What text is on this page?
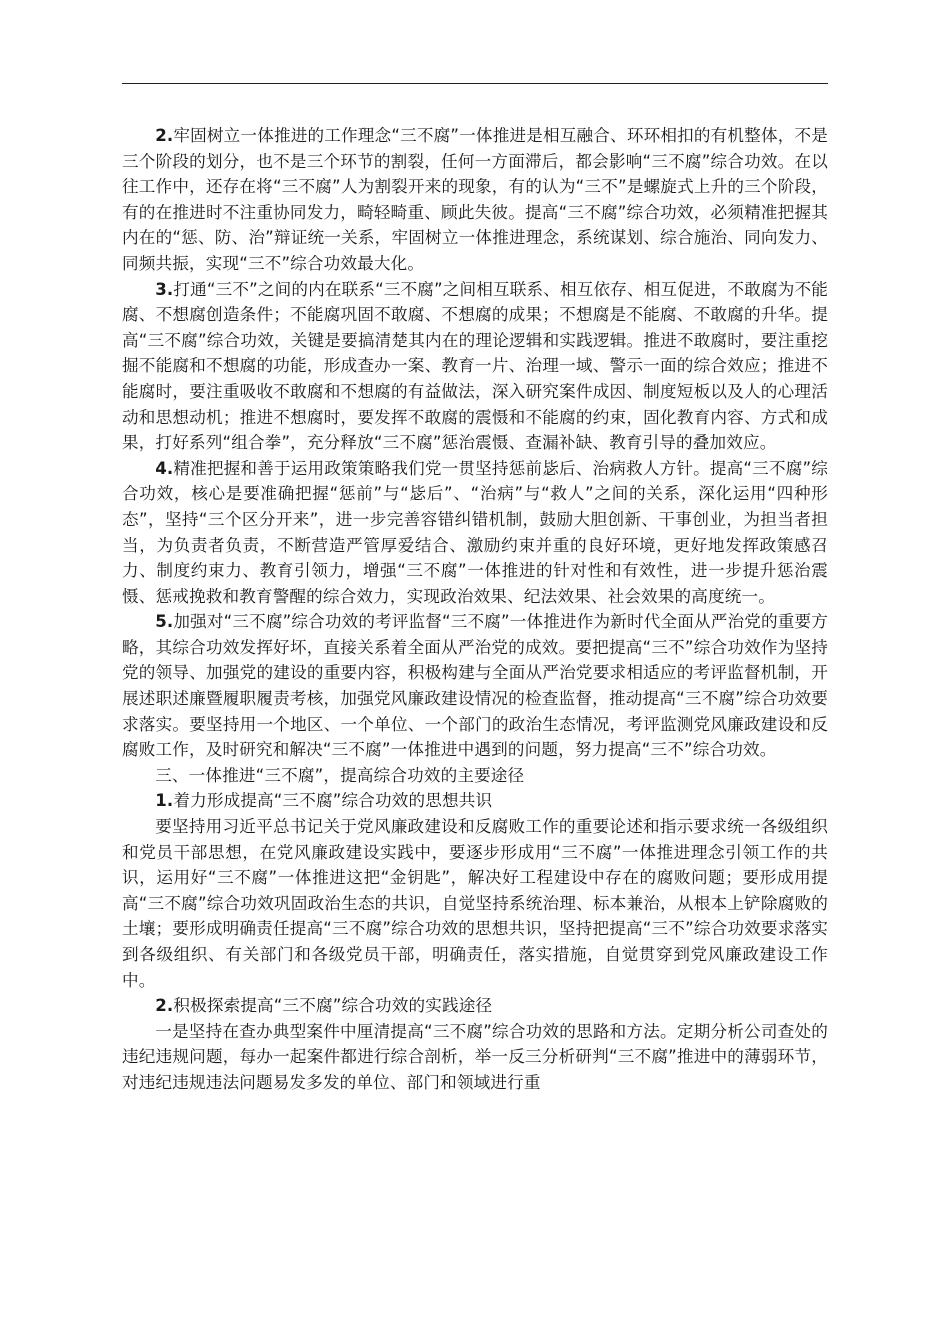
2.牢固树立一体推进的工作理念“三不腐”一体推进是相互融合、环环相扣的有机整体，不是三个阶段的划分，也不是三个环节的割裂，任何一方面滞后，都会影响“三不腐”综合功效。在以往工作中，还存在将“三不腐”人为割裂开来的现象，有的认为“三不”是螺旋式上升的三个阶段，有的在推进时不注重协同发力，畸轻畸重、顾此失彼。提高“三不腐”综合功效，必须精准把握其内在的“惩、防、治”辩证统一关系，牢固树立一体推进理念，系统谋划、综合施治、同向发力、同频共振，实现“三不”综合功效最大化。

3.打通“三不”之间的内在联系“三不腐”之间相互联系、相互依存、相互促进，不敢腐为不能腐、不想腐创造条件；不能腐巩固不敢腐、不想腐的成果；不想腐是不能腐、不敢腐的升华。提高“三不腐”综合功效，关键是要搞清楚其内在的理论逻辑和实践逻辑。推进不敢腐时，要注重挖掘不能腐和不想腐的功能，形成查办一案、教育一片、治理一域、警示一面的综合效应；推进不能腐时，要注重吸收不敢腐和不想腐的有益做法，深入研究案件成因、制度短板以及人的心理活动和思想动机；推进不想腐时，要发挥不敢腐的震慑和不能腐的约束，固化教育内容、方式和成果，打好系列“组合拳”，充分释放“三不腐”惩治震慑、查漏补缺、教育引导的叠加效应。

4.精准把握和善于运用政策策略我们党一贯坚持惩前毖后、治病救人方针。提高“三不腐”综合功效，核心是要准确把握“惩前”与“毖后”、“治病”与“救人”之间的关系，深化运用“四种形态”，坚持“三个区分开来”，进一步完善容错纠错机制，鼓励大胆创新、干事创业，为担当者担当，为负责者负责，不断营造严管厚爱结合、激励约束并重的良好环境，更好地发挥政策感召力、制度约束力、教育引领力，增强“三不腐”一体推进的针对性和有效性，进一步提升惩治震慑、惩戒挽救和教育警醒的综合效力，实现政治效果、纪法效果、社会效果的高度统一。

5.加强对“三不腐”综合功效的考评监督“三不腐”一体推进作为新时代全面从严治党的重要方略，其综合功效发挥好坏，直接关系着全面从严治党的成效。要把提高“三不”综合功效作为坚持党的领导、加强党的建设的重要内容，积极构建与全面从严治党要求相适应的考评监督机制，开展述职述廉暨履职履责考核，加强党风廉政建设情况的检查监督，推动提高“三不腐”综合功效要求落实。要坚持用一个地区、一个单位、一个部门的政治生态情况，考评监测党风廉政建设和反腐败工作，及时研究和解决“三不腐”一体推进中遇到的问题，努力提高“三不”综合功效。

三、一体推进“三不腐”，提高综合功效的主要途径

1.着力形成提高“三不腐”综合功效的思想共识

要坚持用习近平总书记关于党风廉政建设和反腐败工作的重要论述和指示要求统一各级组织和党员干部思想，在党风廉政建设实践中，要逐步形成用“三不腐”一体推进理念引领工作的共识，运用好“三不腐”一体推进这把“金钥匙”，解决好工程建设中存在的腐败问题；要形成用提高“三不腐”综合功效巩固政治生态的共识，自觉坚持系统治理、标本兼治，从根本上铲除腐败的土壤；要形成明确责任提高“三不腐”综合功效的思想共识，坚持把提高“三不”综合功效要求落实到各级组织、有关部门和各级党员干部，明确责任，落实措施，自觉贯穿到党风廉政建设工作中。

2.积极探索提高“三不腐”综合功效的实践途径

一是坚持在查办典型案件中厘清提高“三不腐”综合功效的思路和方法。定期分析公司查处的违纪违规问题，每办一起案件都进行综合剖析，举一反三分析研判“三不腐”推进中的薄弱环节，对违纪违规违法问题易发多发的单位、部门和领域进行重
